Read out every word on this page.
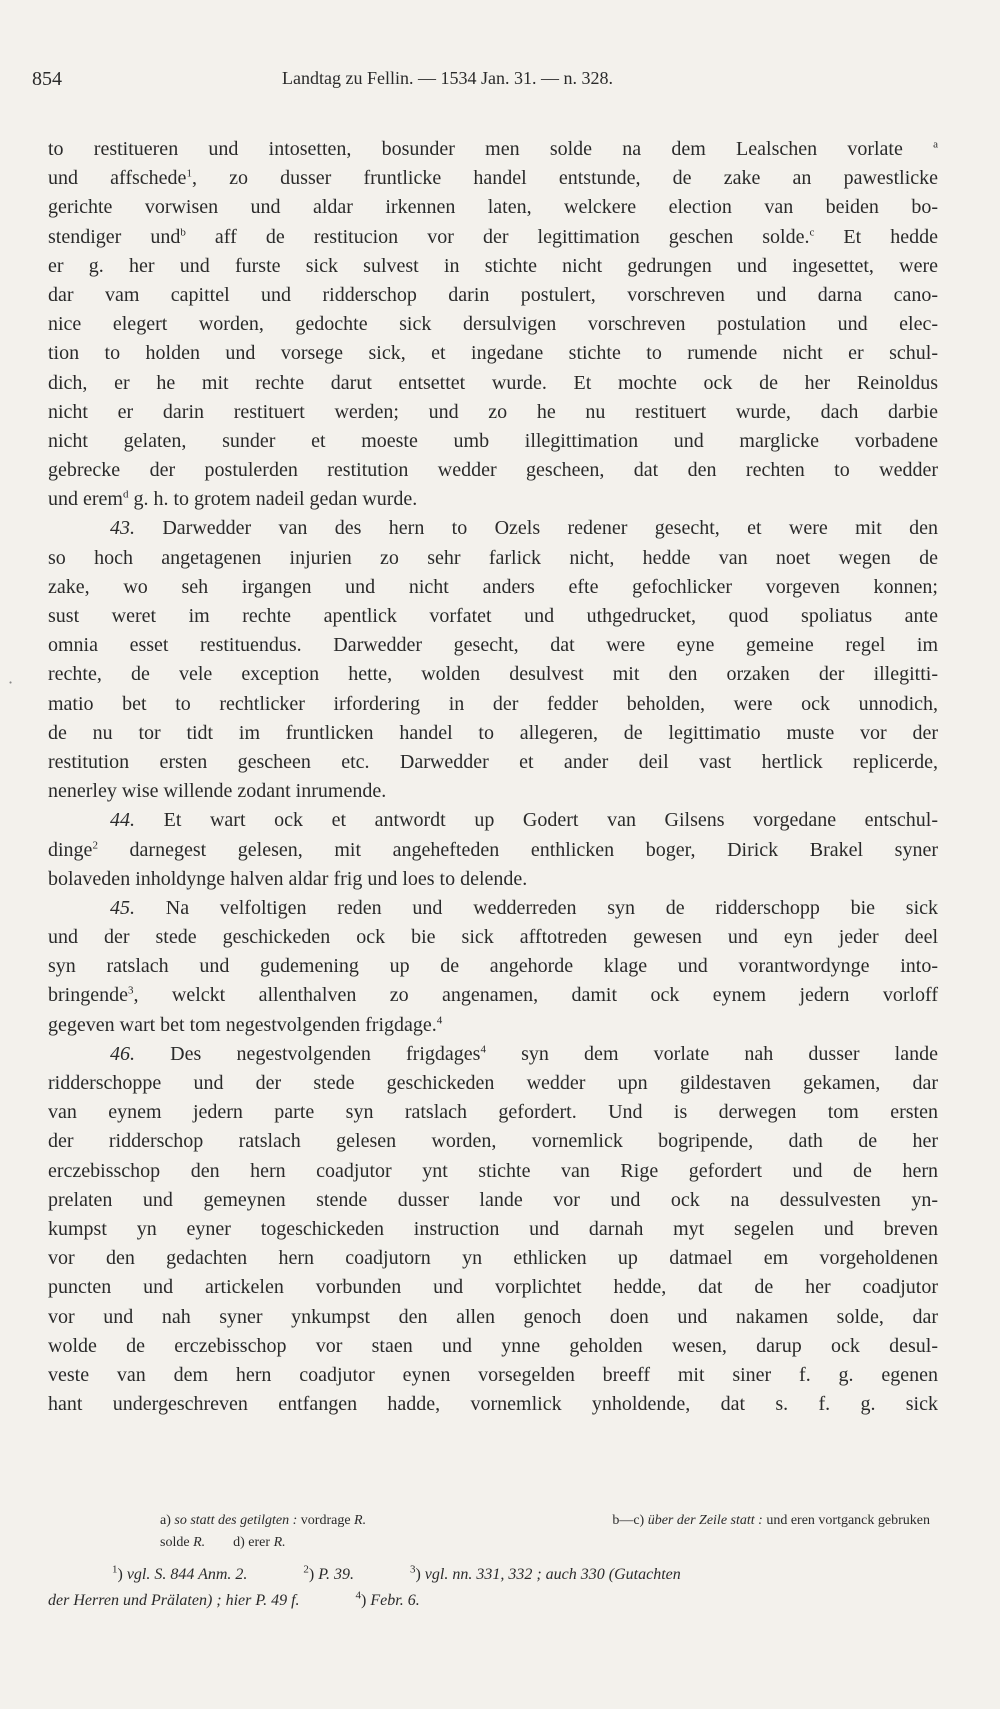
854	Landtag zu Fellin. — 1534 Jan. 31. — n. 328.
·
to restitueren und intosetten, bosunder men solde na dem Lealschen vorlate	$^a$
und affschede$^1$, zo dusser fruntlicke handel entstunde, de zake an pawestlicke
gerichte vorwisen und aldar irkennen laten, welckere election van beiden bo-
stendiger und$^b$ aff de restitucion vor der legittimation geschen solde.$^c$ Et hedde
er g. her und furste sick sulvest in stichte nicht gedrungen und ingesettet, were
dar vam capittel und ridderschop darin postulert, vorschreven und darna cano-
nice elegert worden, gedochte sick dersulvigen vorschreven postulation und elec-
tion to holden und vorsege sick, et ingedane stichte to rumende nicht er schul-
dich, er he mit rechte darut entsettet wurde. Et mochte ock de her Reinoldus
nicht er darin restituert werden; und zo he nu restituert wurde, dach darbie
nicht gelaten, sunder et moeste umb illegittimation und marglicke vorbadene
gebrecke der postulerden restitution wedder gescheen, dat den rechten to wedder
und erem$^d$ g. h. to grotem nadeil gedan wurde.
43. Darwedder van des hern to Ozels redener gesecht, et were mit den
so hoch angetagenen injurien zo sehr farlick nicht, hedde van noet wegen de
zake, wo seh irgangen und nicht anders efte gefochlicker vorgeven konnen;
sust weret im rechte apentlick vorfatet und uthgedrucket, quod spoliatus ante
omnia esset restituendus. Darwedder gesecht, dat were eyne gemeine regel im
rechte, de vele exception hette, wolden desulvest mit den orzaken der illegitti-
matio bet to rechtlicker irfordering in der fedder beholden, were ock unnodich,
de nu tor tidt im fruntlicken handel to allegeren, de legittimatio muste vor der
restitution ersten gescheen etc. Darwedder et ander deil vast hertlick replicerde,
nenerley wise willende zodant inrumende.
44. Et wart ock et antwordt up Godert van Gilsens vorgedane entschul-
dinge$^2$ darnegest gelesen, mit angehefteden enthlicken boger, Dirick Brakel syner
bolaveden inholdynge halven aldar frig und loes to delende.
45. Na velfoltigen reden und wedderreden syn de ridderschopp bie sick
und der stede geschickeden ock bie sick afftotreden gewesen und eyn jeder deel
syn ratslach und gudemening up de angehorde klage und vorantwordynge into-
bringende$^3$, welckt allenthalven zo angenamen, damit ock eynem jedern vorloff
gegeven wart bet tom negestvolgenden frigdage.$^4$
46. Des negestvolgenden frigdages$^4$ syn dem vorlate nah dusser lande
ridderschoppe und der stede geschickeden wedder upn gildestaven gekamen, dar
van eynem jedern parte syn ratslach gefordert. Und is derwegen tom ersten
der ridderschop ratslach gelesen worden, vornemlick bogripende, dath de her
erczebisschop den hern coadjutor ynt stichte van Rige gefordert und de hern
prelaten und gemeynen stende dusser lande vor und ock na dessulvesten yn-
kumpst yn eyner togeschickeden instruction und darnah myt segelen und breven
vor den gedachten hern coadjutorn yn ethlicken up datmael em vorgeholdenen
puncten und artickelen vorbunden und vorplichtet hedde, dat de her coadjutor
vor und nah syner ynkumpst den allen genoch doen und nakamen solde, dar
wolde de erczebisschop vor staen und ynne geholden wesen, darup ock desul-
veste van dem hern coadjutor eynen vorsegelden breeff mit siner f. g. egenen
hant undergeschreven entfangen hadde, vornemlick ynholdende, dat s. f. g. sick
a) so statt des getilgten : vordrage R.	b—c) über der Zeile statt : und eren vortganck gebruken
solde R. d) erer R.
$^1$) vgl. S. 844 Anm. 2.	$^2$) P. 39.	$^3$) vgl. nn. 331, 332 ; auch 330 (Gutachten
der Herren und Prälaten) ; hier P. 49 f.	$^4$) Febr. 6.
